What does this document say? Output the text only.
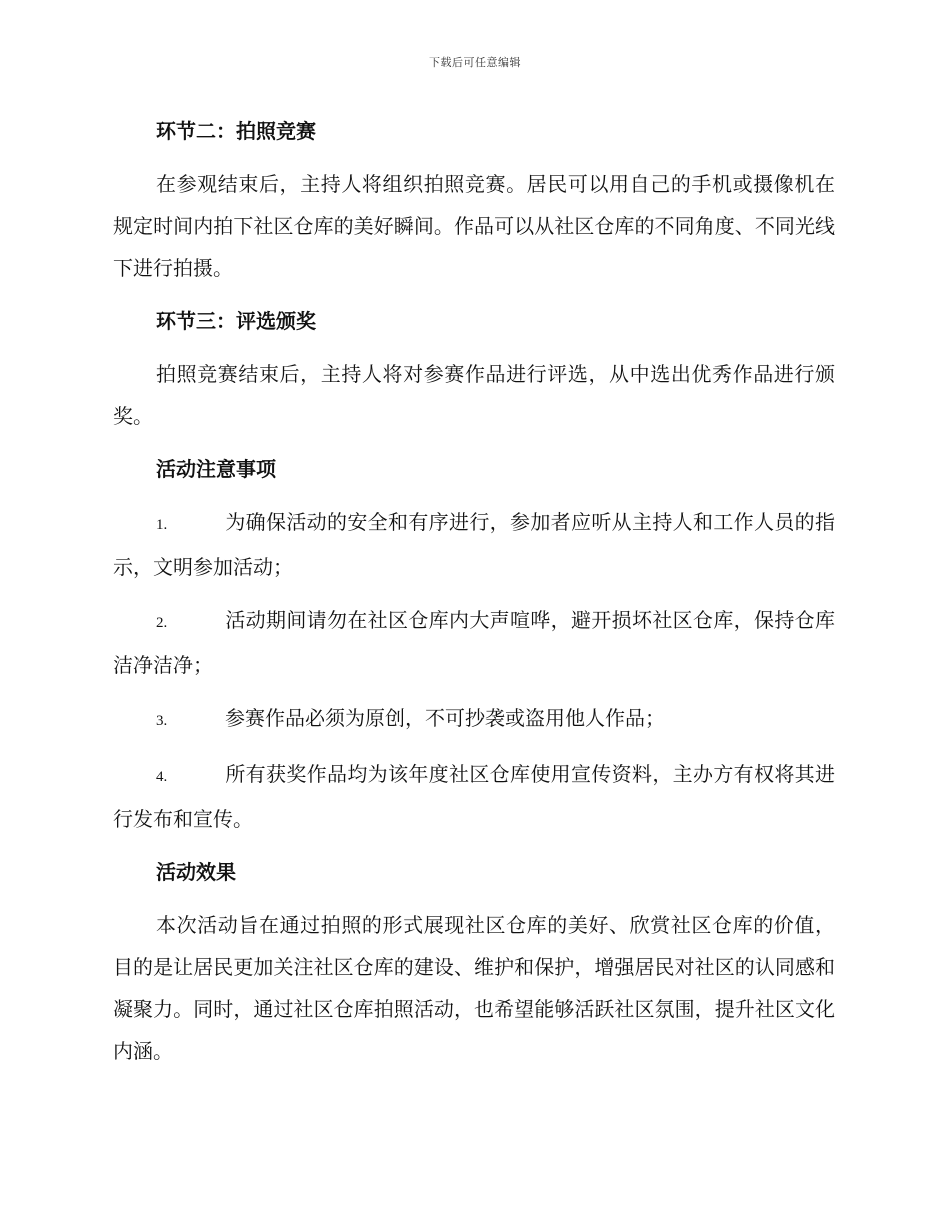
下载后可任意编辑
环节二：拍照竞赛

在参观结束后，主持人将组织拍照竞赛。居民可以用自己的手机或摄像机在规定时间内拍下社区仓库的美好瞬间。作品可以从社区仓库的不同角度、不同光线下进行拍摄。

环节三：评选颁奖

拍照竞赛结束后，主持人将对参赛作品进行评选，从中选出优秀作品进行颁奖。

活动注意事项

1.	为确保活动的安全和有序进行，参加者应听从主持人和工作人员的指示，文明参加活动；

2.	活动期间请勿在社区仓库内大声喧哗，避开损坏社区仓库，保持仓库洁净洁净；

3.	参赛作品必须为原创，不可抄袭或盗用他人作品；

4.	所有获奖作品均为该年度社区仓库使用宣传资料，主办方有权将其进行发布和宣传。

活动效果

本次活动旨在通过拍照的形式展现社区仓库的美好、欣赏社区仓库的价值，目的是让居民更加关注社区仓库的建设、维护和保护，增强居民对社区的认同感和凝聚力。同时，通过社区仓库拍照活动，也希望能够活跃社区氛围，提升社区文化内涵。
